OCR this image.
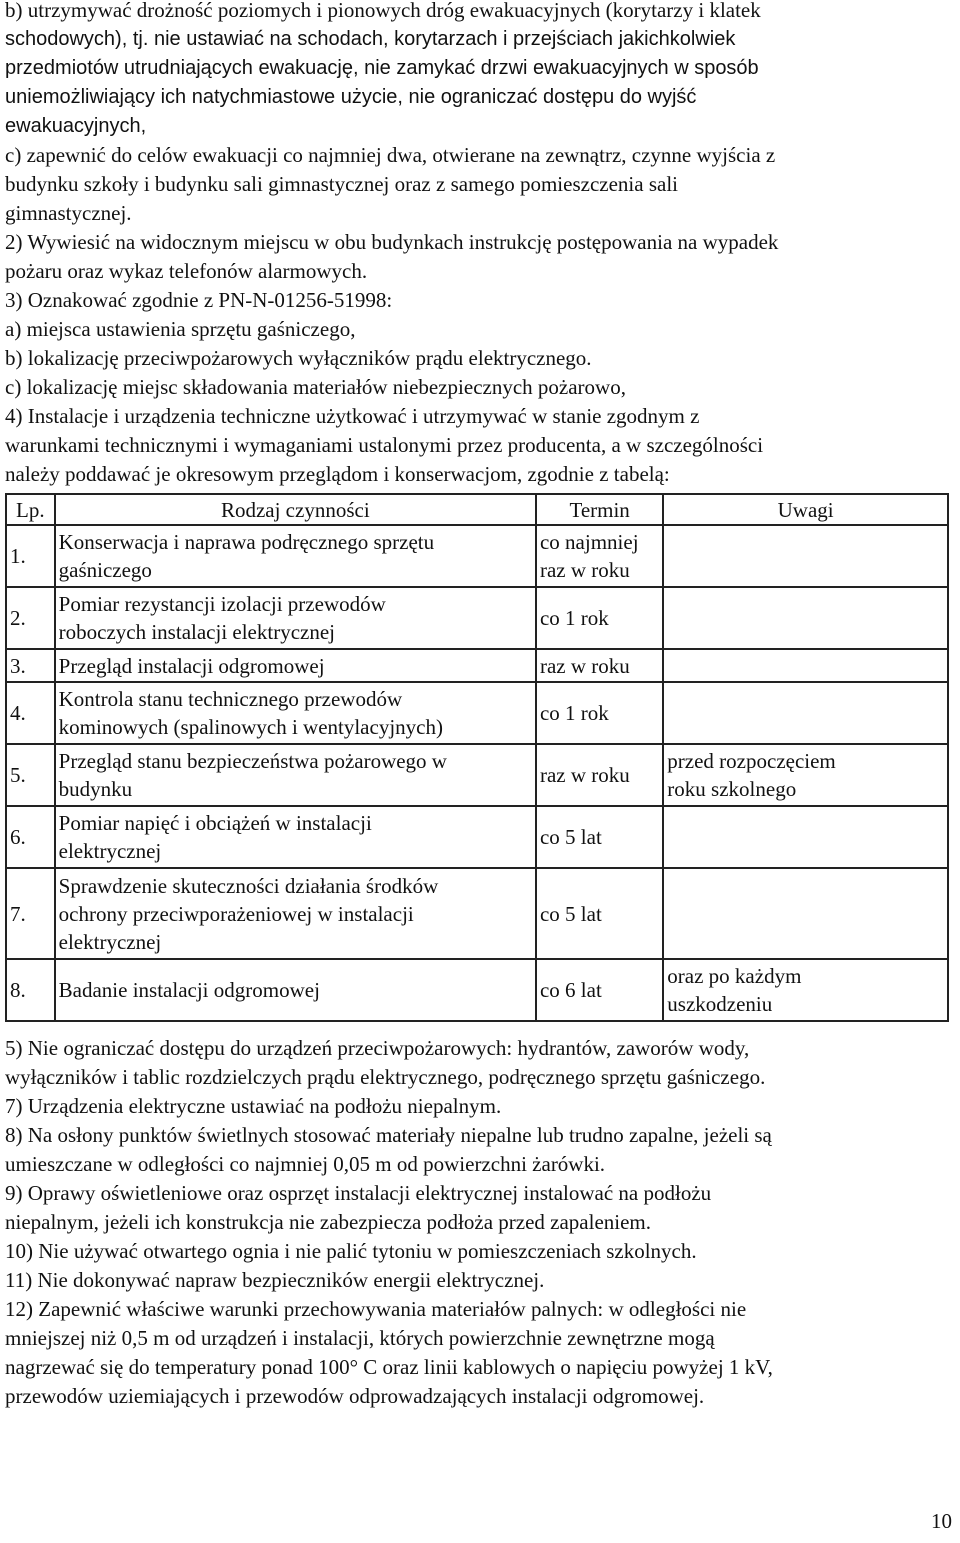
b) utrzymywać drożność poziomych i pionowych dróg ewakuacyjnych (korytarzy i klatek
schodowych), tj. nie ustawiać na schodach, korytarzach i przejściach jakichkolwiek
przedmiotów utrudniających ewakuację, nie zamykać drzwi ewakuacyjnych w sposób
uniemożliwiający ich natychmiastowe użycie, nie ograniczać dostępu do wyjść
ewakuacyjnych,
c) zapewnić do celów ewakuacji co najmniej dwa, otwierane na zewnątrz, czynne wyjścia z
budynku szkoły i budynku sali gimnastycznej oraz z samego pomieszczenia sali
gimnastycznej.
2) Wywiesić na widocznym miejscu w obu budynkach instrukcję postępowania na wypadek
pożaru oraz wykaz telefonów alarmowych.
3) Oznakować zgodnie z PN-N-01256-51998:
a) miejsca ustawienia sprzętu gaśniczego,
b) lokalizację przeciwpożarowych wyłączników prądu elektrycznego.
c) lokalizację miejsc składowania materiałów niebezpiecznych pożarowo,
4) Instalacje i urządzenia techniczne użytkować i utrzymywać w stanie zgodnym z
warunkami technicznymi i wymaganiami ustalonymi przez producenta, a w szczególności
należy poddawać je okresowym przeglądom i konserwacjom, zgodnie z tabelą:
Lp.	Rodzaj czynności	Termin	Uwagi
1.	Konserwacja i naprawa podręcznego sprzętu
gaśniczego	co najmniej
raz w roku	
2.	Pomiar rezystancji izolacji przewodów
roboczych instalacji elektrycznej	co 1 rok	
3.	Przegląd instalacji odgromowej	raz w roku	
4.	Kontrola stanu technicznego przewodów
kominowych (spalinowych i wentylacyjnych)	co 1 rok	
5.	Przegląd stanu bezpieczeństwa pożarowego w
budynku	raz w roku	przed rozpoczęciem
roku szkolnego
6.	Pomiar napięć i obciążeń w instalacji
elektrycznej	co 5 lat	
7.	Sprawdzenie skuteczności działania środków
ochrony przeciwporażeniowej w instalacji
elektrycznej	co 5 lat	
8.	Badanie instalacji odgromowej	co 6 lat	oraz po każdym
uszkodzeniu
5) Nie ograniczać dostępu do urządzeń przeciwpożarowych: hydrantów, zaworów wody,
wyłączników i tablic rozdzielczych prądu elektrycznego, podręcznego sprzętu gaśniczego.
7) Urządzenia elektryczne ustawiać na podłożu niepalnym.
8) Na osłony punktów świetlnych stosować materiały niepalne lub trudno zapalne, jeżeli są
umieszczane w odległości co najmniej 0,05 m od powierzchni żarówki.
9) Oprawy oświetleniowe oraz osprzęt instalacji elektrycznej instalować na podłożu
niepalnym, jeżeli ich konstrukcja nie zabezpiecza podłoża przed zapaleniem.
10) Nie używać otwartego ognia i nie palić tytoniu w pomieszczeniach szkolnych.
11) Nie dokonywać napraw bezpieczników energii elektrycznej.
12) Zapewnić właściwe warunki przechowywania materiałów palnych: w odległości nie
mniejszej niż 0,5 m od urządzeń i instalacji, których powierzchnie zewnętrzne mogą
nagrzewać się do temperatury ponad 100° C oraz linii kablowych o napięciu powyżej 1 kV,
przewodów uziemiających i przewodów odprowadzających instalacji odgromowej.
10
